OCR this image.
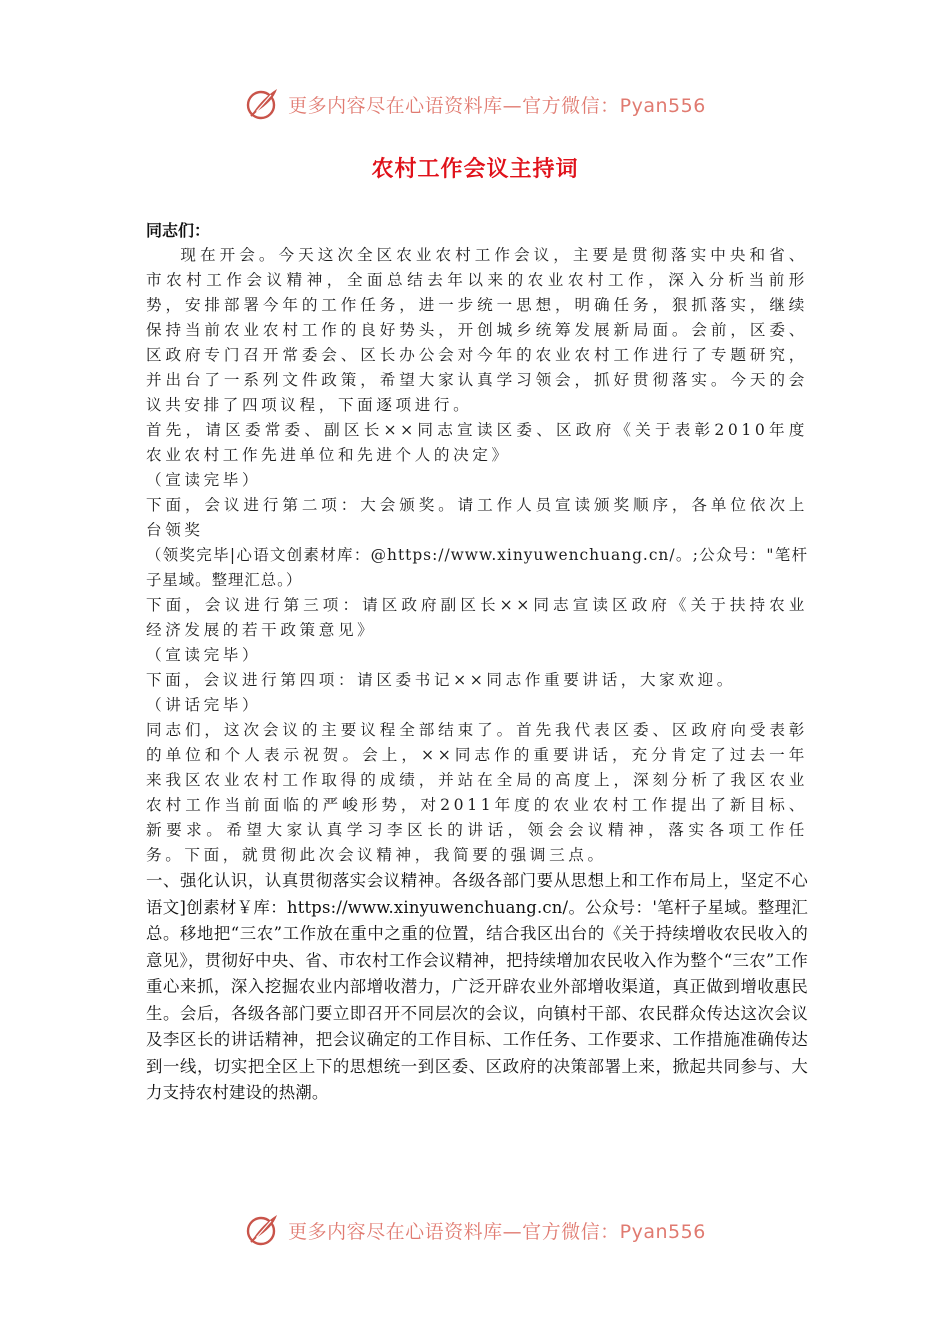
更多内容尽在心语资料库—官方微信：Pyan556
农村工作会议主持词

同志们：

现在开会。今天这次全区农业农村工作会议，主要是贯彻落实中央和省、市农村工作会议精神，全面总结去年以来的农业农村工作，深入分析当前形势，安排部署今年的工作任务，进一步统一思想，明确任务，狠抓落实，继续保持当前农业农村工作的良好势头，开创城乡统筹发展新局面。会前，区委、区政府专门召开常委会、区长办公会对今年的农业农村工作进行了专题研究，并出台了一系列文件政策，希望大家认真学习领会，抓好贯彻落实。今天的会议共安排了四项议程，下面逐项进行。

首先，请区委常委、副区长××同志宣读区委、区政府《关于表彰2010年度农业农村工作先进单位和先进个人的决定》

（宣读完毕）

下面，会议进行第二项：大会颁奖。请工作人员宣读颁奖顺序，各单位依次上台领奖

（领奖完毕|心语文创素材库：@https://www.xinyuwenchuang.cn/。;公众号："笔杆子星域。整理汇总。）

下面，会议进行第三项：请区政府副区长××同志宣读区政府《关于扶持农业经济发展的若干政策意见》

（宣读完毕）

下面，会议进行第四项：请区委书记××同志作重要讲话，大家欢迎。

（讲话完毕）

同志们，这次会议的主要议程全部结束了。首先我代表区委、区政府向受表彰的单位和个人表示祝贺。会上，××同志作的重要讲话，充分肯定了过去一年来我区农业农村工作取得的成绩，并站在全局的高度上，深刻分析了我区农业农村工作当前面临的严峻形势，对2011年度的农业农村工作提出了新目标、新要求。希望大家认真学习李区长的讲话，领会会议精神，落实各项工作任务。下面，就贯彻此次会议精神，我简要的强调三点。

一、强化认识，认真贯彻落实会议精神。各级各部门要从思想上和工作布局上，坚定不心语文]创素材￥库：https://www.xinyuwenchuang.cn/。公众号：'笔杆子星域。整理汇总。移地把“三农”工作放在重中之重的位置，结合我区出台的《关于持续增收农民收入的意见》，贯彻好中央、省、市农村工作会议精神，把持续增加农民收入作为整个“三农”工作重心来抓，深入挖掘农业内部增收潜力，广泛开辟农业外部增收渠道，真正做到增收惠民生。会后，各级各部门要立即召开不同层次的会议，向镇村干部、农民群众传达这次会议及李区长的讲话精神，把会议确定的工作目标、工作任务、工作要求、工作措施准确传达到一线，切实把全区上下的思想统一到区委、区政府的决策部署上来，掀起共同参与、大力支持农村建设的热潮。

更多内容尽在心语资料库—官方微信：Pyan556
